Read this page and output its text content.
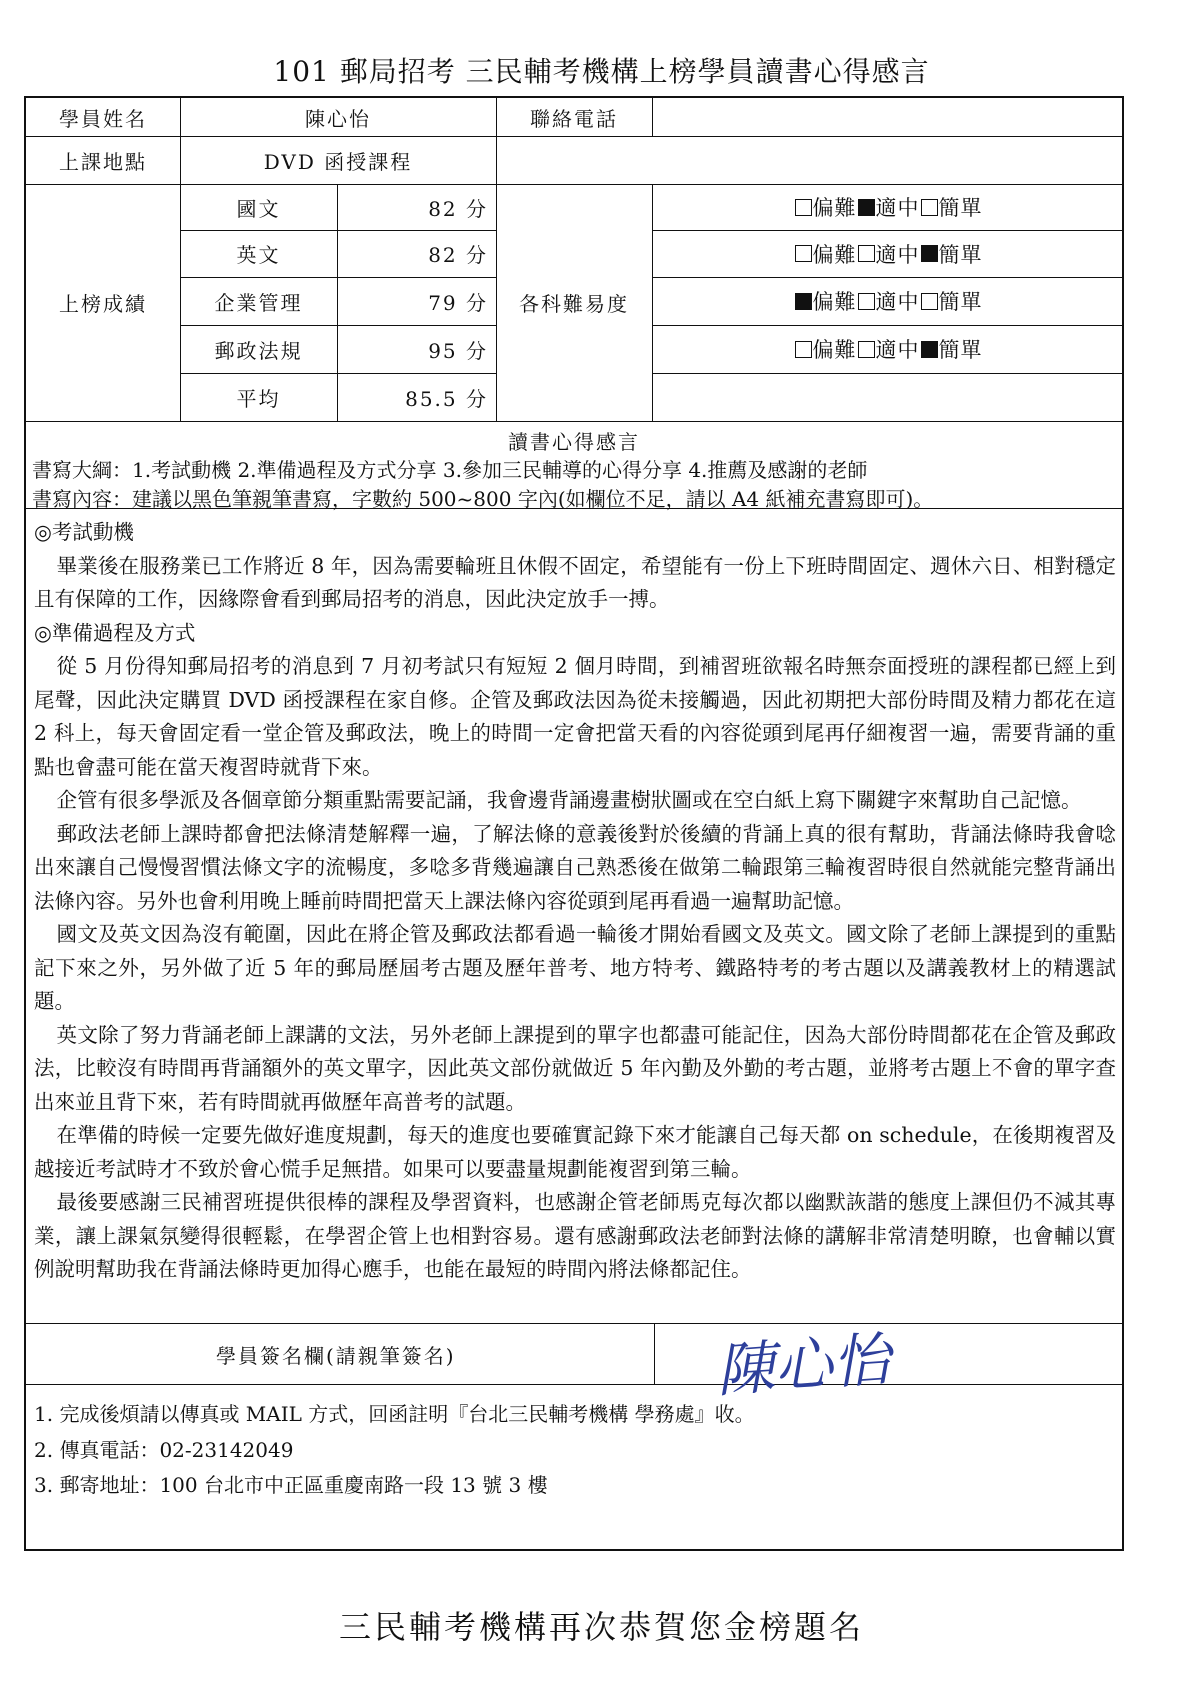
101 郵局招考 三民輔考機構上榜學員讀書心得感言
學員姓名	陳心怡	聯絡電話
上課地點	DVD 函授課程
上榜成績	各科難易度
國文	82 分	偏難 適中 簡單
英文	82 分	偏難 適中 簡單
企業管理	79 分	偏難 適中 簡單
郵政法規	95 分	偏難 適中 簡單
平均	85.5 分
讀書心得感言
書寫大綱：1.考試動機 2.準備過程及方式分享 3.參加三民輔導的心得分享 4.推薦及感謝的老師
書寫內容：建議以黑色筆親筆書寫，字數約 500~800 字內(如欄位不足，請以 A4 紙補充書寫即可)。
◎考試動機

畢業後在服務業已工作將近 8 年，因為需要輪班且休假不固定，希望能有一份上下班時間固定、週休六日、相對穩定且有保障的工作，因緣際會看到郵局招考的消息，因此決定放手一搏。

◎準備過程及方式

從 5 月份得知郵局招考的消息到 7 月初考試只有短短 2 個月時間，到補習班欲報名時無奈面授班的課程都已經上到尾聲，因此決定購買 DVD 函授課程在家自修。企管及郵政法因為從未接觸過，因此初期把大部份時間及精力都花在這 2 科上，每天會固定看一堂企管及郵政法，晚上的時間一定會把當天看的內容從頭到尾再仔細複習一遍，需要背誦的重點也會盡可能在當天複習時就背下來。

企管有很多學派及各個章節分類重點需要記誦，我會邊背誦邊畫樹狀圖或在空白紙上寫下關鍵字來幫助自己記憶。

郵政法老師上課時都會把法條清楚解釋一遍，了解法條的意義後對於後續的背誦上真的很有幫助，背誦法條時我會唸出來讓自己慢慢習慣法條文字的流暢度，多唸多背幾遍讓自己熟悉後在做第二輪跟第三輪複習時很自然就能完整背誦出法條內容。另外也會利用晚上睡前時間把當天上課法條內容從頭到尾再看過一遍幫助記憶。

國文及英文因為沒有範圍，因此在將企管及郵政法都看過一輪後才開始看國文及英文。國文除了老師上課提到的重點記下來之外，另外做了近 5 年的郵局歷屆考古題及歷年普考、地方特考、鐵路特考的考古題以及講義教材上的精選試題。

英文除了努力背誦老師上課講的文法，另外老師上課提到的單字也都盡可能記住，因為大部份時間都花在企管及郵政法，比較沒有時間再背誦額外的英文單字，因此英文部份就做近 5 年內勤及外勤的考古題，並將考古題上不會的單字查出來並且背下來，若有時間就再做歷年高普考的試題。

在準備的時候一定要先做好進度規劃，每天的進度也要確實記錄下來才能讓自己每天都 on schedule，在後期複習及越接近考試時才不致於會心慌手足無措。如果可以要盡量規劃能複習到第三輪。

最後要感謝三民補習班提供很棒的課程及學習資料，也感謝企管老師馬克每次都以幽默詼諧的態度上課但仍不減其專業，讓上課氣氛變得很輕鬆，在學習企管上也相對容易。還有感謝郵政法老師對法條的講解非常清楚明瞭，也會輔以實例說明幫助我在背誦法條時更加得心應手，也能在最短的時間內將法條都記住。

學員簽名欄(請親筆簽名)	陳心怡
1. 完成後煩請以傳真或 MAIL 方式，回函註明『台北三民輔考機構 學務處』收。
2. 傳真電話：02-23142049
3. 郵寄地址：100 台北市中正區重慶南路一段 13 號 3 樓
三民輔考機構再次恭賀您金榜題名
